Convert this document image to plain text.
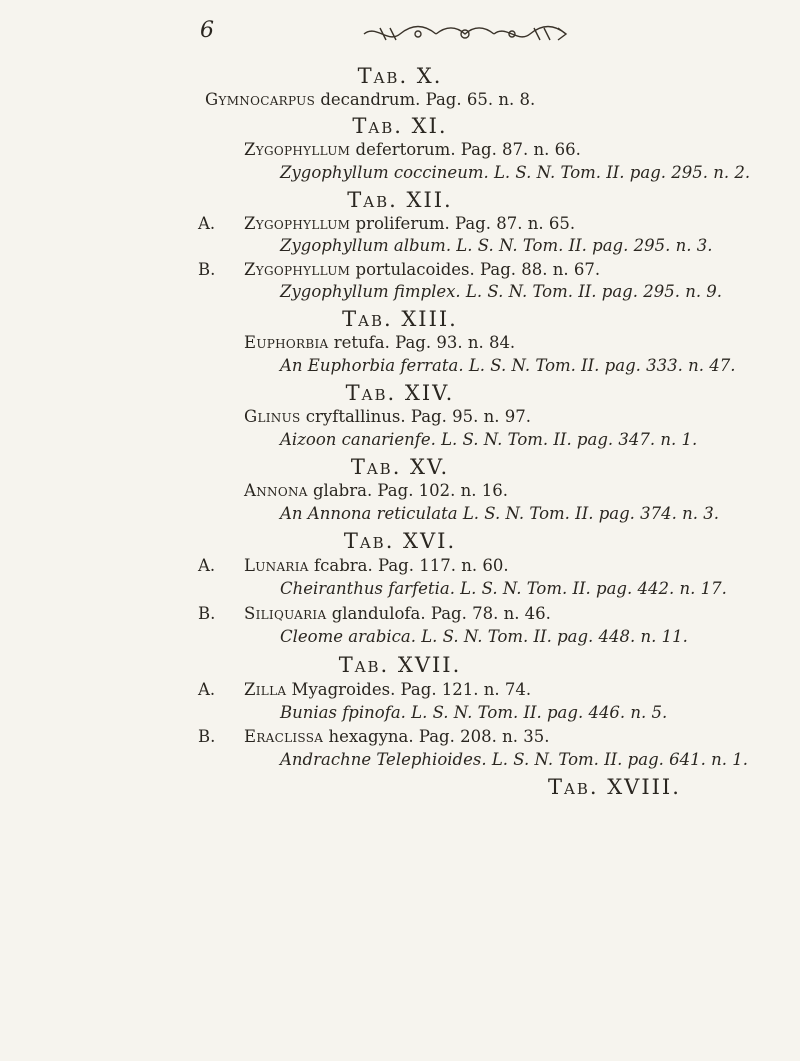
6
Tab. X.
Gymnocarpus decandrum. Pag. 65. n. 8.
Tab. XI.
Zygophyllum defertorum. Pag. 87. n. 66.
Zygophyllum coccineum. L. S. N. Tom. II. pag. 295. n. 2.
Tab. XII.
A. Zygophyllum proliferum. Pag. 87. n. 65.
Zygophyllum album. L. S. N. Tom. II. pag. 295. n. 3.
B. Zygophyllum portulacoides. Pag. 88. n. 67.
Zygophyllum fimplex. L. S. N. Tom. II. pag. 295. n. 9.
Tab. XIII.
Euphorbia retufa. Pag. 93. n. 84.
An Euphorbia ferrata. L. S. N. Tom. II. pag. 333. n. 47.
Tab. XIV.
Glinus cryftallinus. Pag. 95. n. 97.
Aizoon canarienfe. L. S. N. Tom. II. pag. 347. n. 1.
Tab. XV.
Annona glabra. Pag. 102. n. 16.
An Annona reticulata L. S. N. Tom. II. pag. 374. n. 3.
Tab. XVI.
A. Lunaria fcabra. Pag. 117. n. 60.
Cheiranthus farfetia. L. S. N. Tom. II. pag. 442. n. 17.
B. Siliquaria glandulofa. Pag. 78. n. 46.
Cleome arabica. L. S. N. Tom. II. pag. 448. n. 11.
Tab. XVII.
A. Zilla Myagroides. Pag. 121. n. 74.
Bunias fpinofa. L. S. N. Tom. II. pag. 446. n. 5.
B. Eraclissa hexagyna. Pag. 208. n. 35.
Andrachne Telephioides. L. S. N. Tom. II. pag. 641. n. 1.
Tab. XVIII.
